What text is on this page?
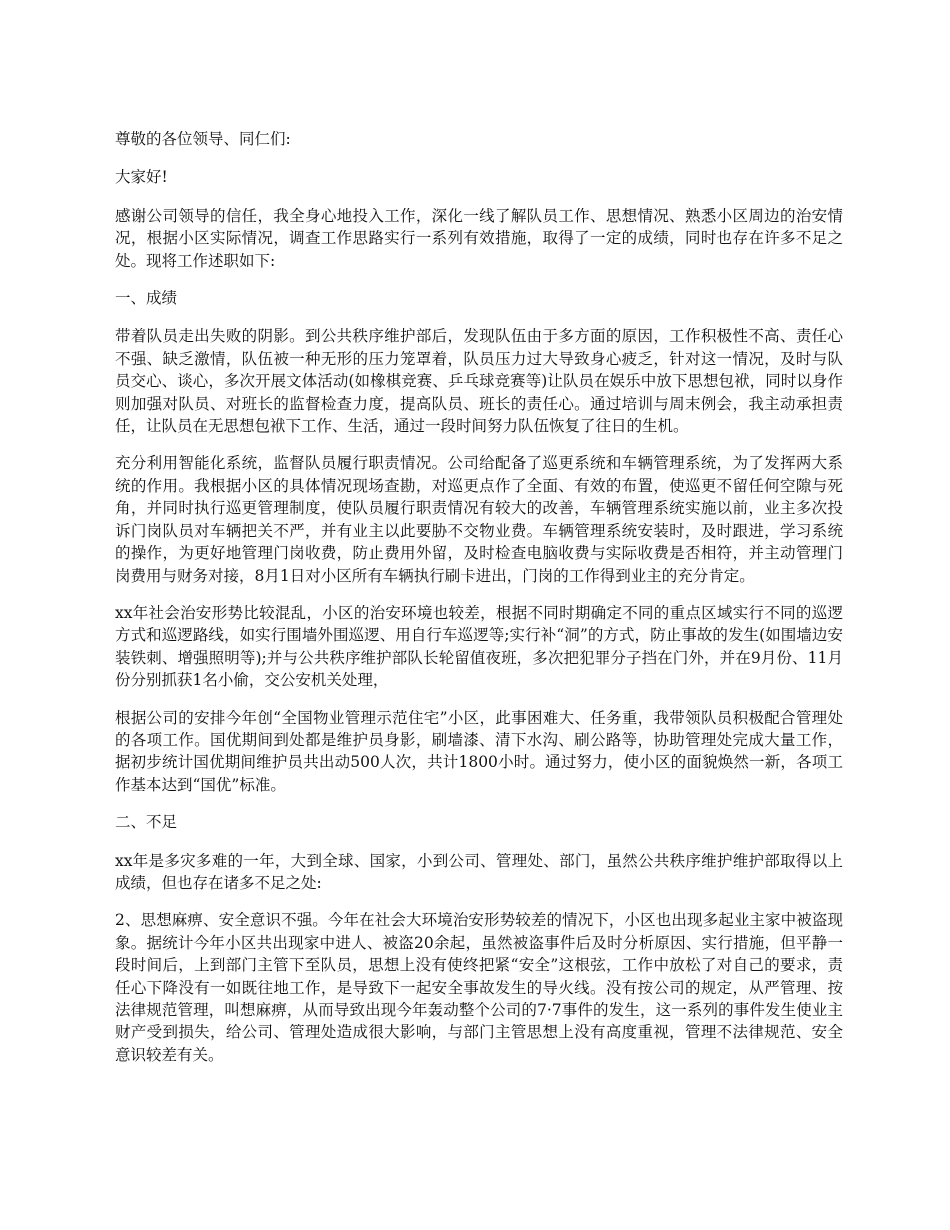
尊敬的各位领导、同仁们:

大家好!

感谢公司领导的信任，我全身心地投入工作，深化一线了解队员工作、思想情况、熟悉小区周边的治安情况，根据小区实际情况，调查工作思路实行一系列有效措施，取得了一定的成绩，同时也存在许多不足之处。现将工作述职如下:

一、成绩

带着队员走出失败的阴影。到公共秩序维护部后，发现队伍由于多方面的原因，工作积极性不高、责任心不强、缺乏激情，队伍被一种无形的压力笼罩着，队员压力过大导致身心疲乏，针对这一情况，及时与队员交心、谈心，多次开展文体活动(如橡棋竞赛、乒乓球竞赛等)让队员在娱乐中放下思想包袱，同时以身作则加强对队员、对班长的监督检查力度，提高队员、班长的责任心。通过培训与周末例会，我主动承担责任，让队员在无思想包袱下工作、生活，通过一段时间努力队伍恢复了往日的生机。

充分利用智能化系统，监督队员履行职责情况。公司给配备了巡更系统和车辆管理系统，为了发挥两大系统的作用。我根据小区的具体情况现场查勘，对巡更点作了全面、有效的布置，使巡更不留任何空隙与死角，并同时执行巡更管理制度，使队员履行职责情况有较大的改善，车辆管理系统实施以前，业主多次投诉门岗队员对车辆把关不严，并有业主以此要胁不交物业费。车辆管理系统安装时，及时跟进，学习系统的操作，为更好地管理门岗收费，防止费用外留，及时检查电脑收费与实际收费是否相符，并主动管理门岗费用与财务对接，8月1日对小区所有车辆执行刷卡进出，门岗的工作得到业主的充分肯定。

xx年社会治安形势比较混乱，小区的治安环境也较差，根据不同时期确定不同的重点区域实行不同的巡逻方式和巡逻路线，如实行围墙外围巡逻、用自行车巡逻等;实行补“洞”的方式，防止事故的发生(如围墙边安装铁刺、增强照明等);并与公共秩序维护部队长轮留值夜班，多次把犯罪分子挡在门外，并在9月份、11月份分别抓获1名小偷，交公安机关处理，

根据公司的安排今年创“全国物业管理示范住宅”小区，此事困难大、任务重，我带领队员积极配合管理处的各项工作。国优期间到处都是维护员身影，刷墙漆、清下水沟、刷公路等，协助管理处完成大量工作，据初步统计国优期间维护员共出动500人次，共计1800小时。通过努力，使小区的面貌焕然一新，各项工作基本达到“国优”标准。

二、不足

xx年是多灾多难的一年，大到全球、国家，小到公司、管理处、部门，虽然公共秩序维护维护部取得以上成绩，但也存在诸多不足之处:

2、思想麻痹、安全意识不强。今年在社会大环境治安形势较差的情况下，小区也出现多起业主家中被盗现象。据统计今年小区共出现家中进人、被盗20余起，虽然被盗事件后及时分析原因、实行措施，但平静一段时间后，上到部门主管下至队员，思想上没有使终把紧“安全”这根弦，工作中放松了对自己的要求，责任心下降没有一如既往地工作，是导致下一起安全事故发生的导火线。没有按公司的规定，从严管理、按法律规范管理，叫想麻痹，从而导致出现今年轰动整个公司的7·7事件的发生，这一系列的事件发生使业主财产受到损失，给公司、管理处造成很大影响，与部门主管思想上没有高度重视，管理不法律规范、安全意识较差有关。
